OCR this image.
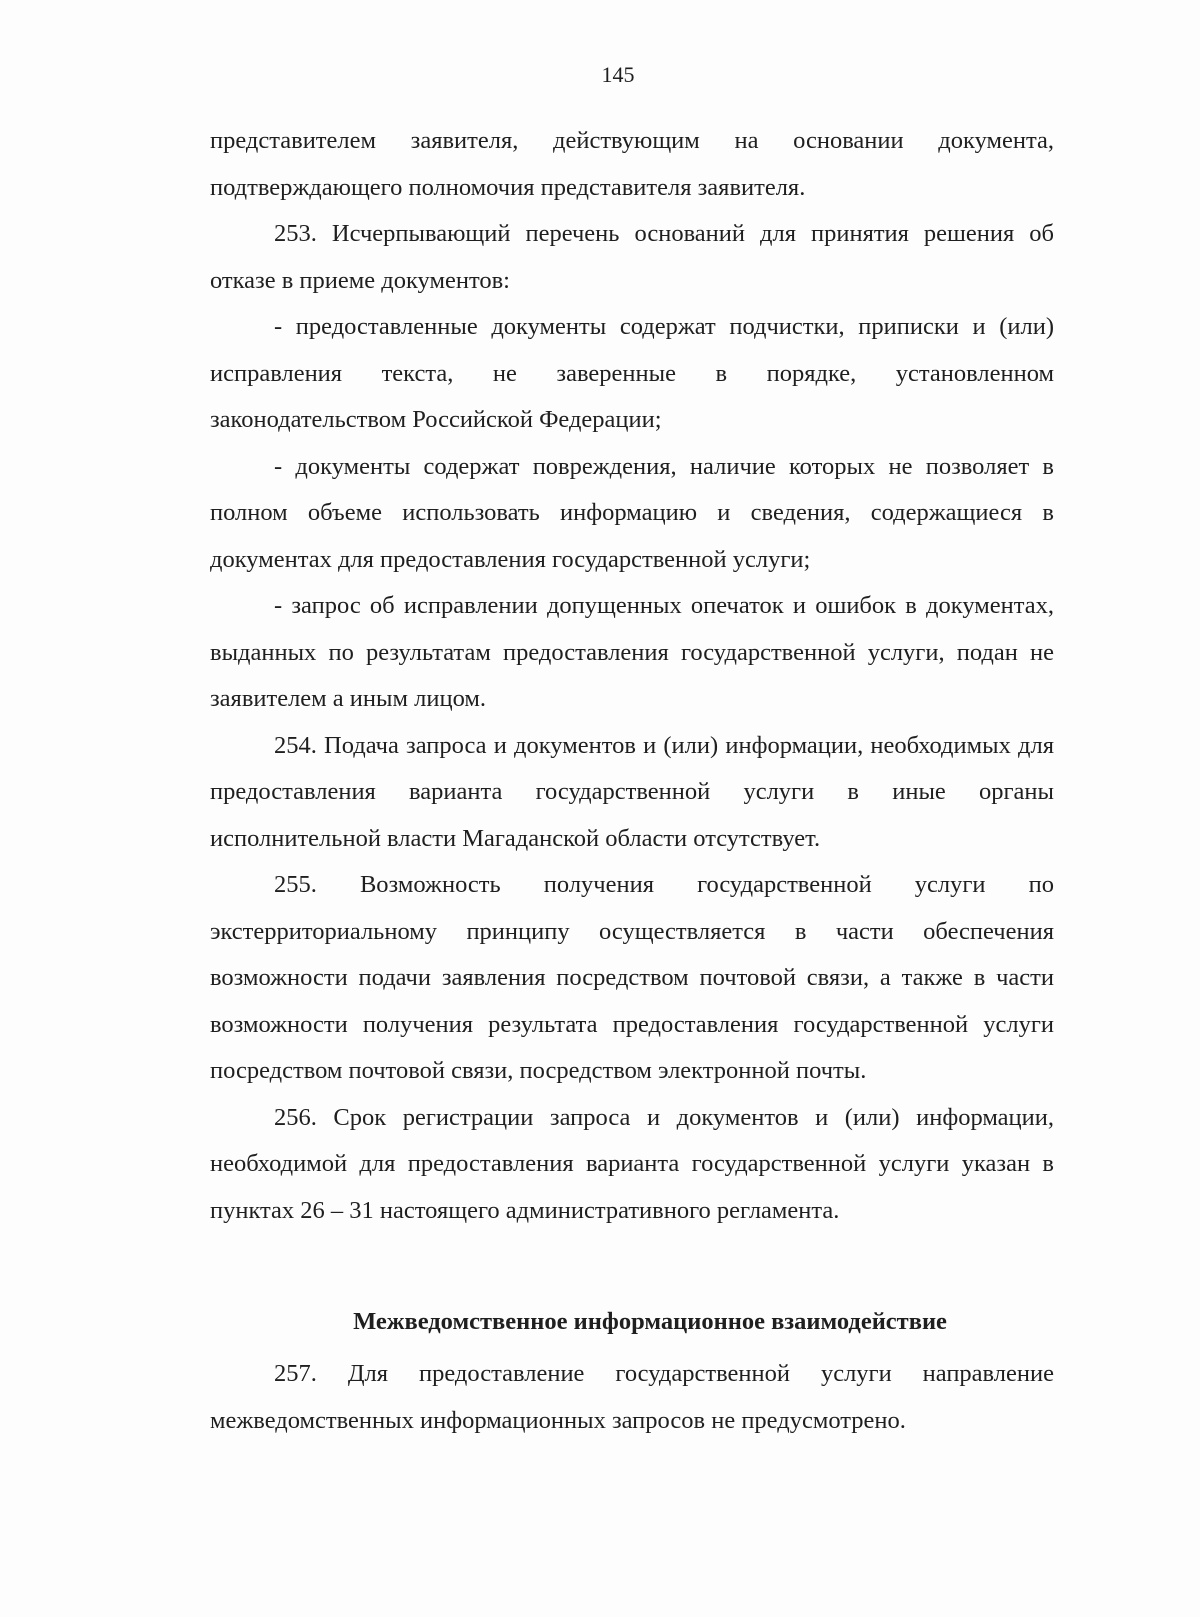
145

представителем заявителя, действующим на основании документа, подтверждающего полномочия представителя заявителя.

253. Исчерпывающий перечень оснований для принятия решения об отказе в приеме документов:

- предоставленные документы содержат подчистки, приписки и (или) исправления текста, не заверенные в порядке, установленном законодательством Российской Федерации;

- документы содержат повреждения, наличие которых не позволяет в полном объеме использовать информацию и сведения, содержащиеся в документах для предоставления государственной услуги;

- запрос об исправлении допущенных опечаток и ошибок в документах, выданных по результатам предоставления государственной услуги, подан не заявителем а иным лицом.

254. Подача запроса и документов и (или) информации, необходимых для предоставления варианта государственной услуги в иные органы исполнительной власти Магаданской области отсутствует.

255. Возможность получения государственной услуги по экстерриториальному принципу осуществляется в части обеспечения возможности подачи заявления посредством почтовой связи, а также в части возможности получения результата предоставления государственной услуги посредством почтовой связи, посредством электронной почты.

256. Срок регистрации запроса и документов и (или) информации, необходимой для предоставления варианта государственной услуги указан в пунктах 26 – 31 настоящего административного регламента.

Межведомственное информационное взаимодействие

257. Для предоставление государственной услуги направление межведомственных информационных запросов не предусмотрено.
